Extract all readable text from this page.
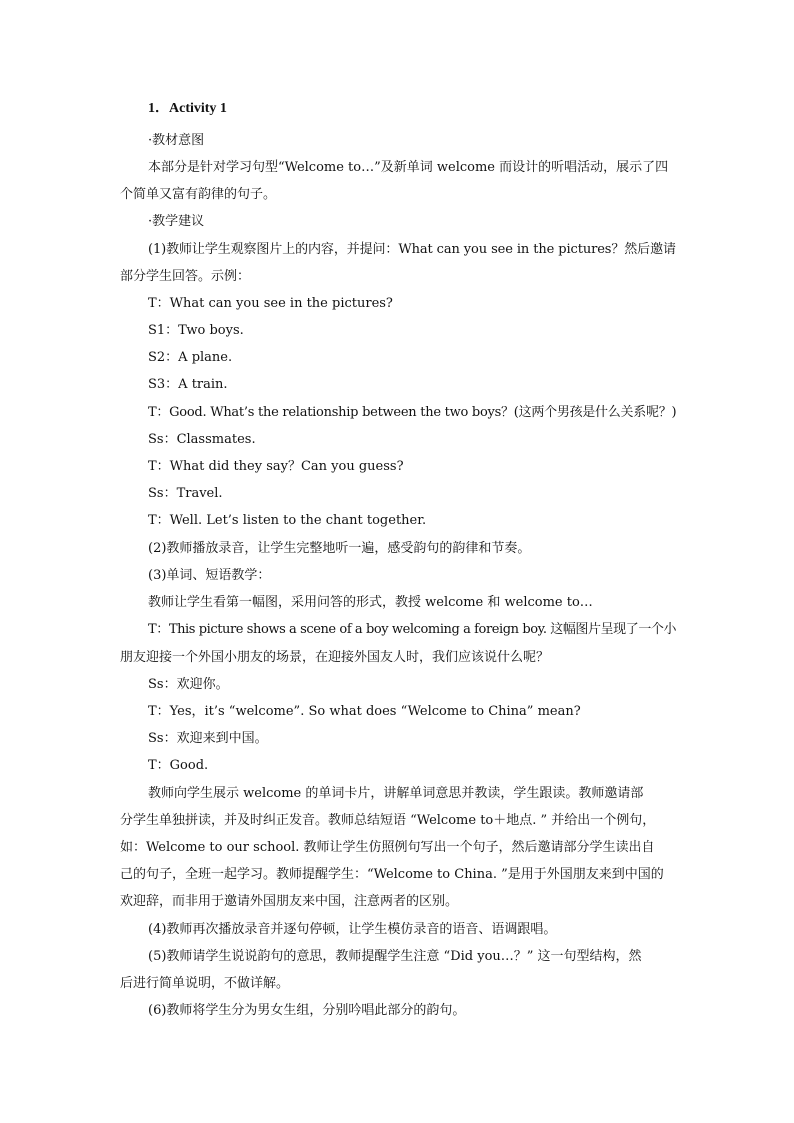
1．Activity 1
·教材意图
本部分是针对学习句型“Welcome to…”及新单词 welcome 而设计的听唱活动，展示了四
个简单又富有韵律的句子。
·教学建议
(1)教师让学生观察图片上的内容，并提问：What can you see in the pictures？然后邀请
部分学生回答。示例：
T：What can you see in the pictures?
S1：Two boys.
S2：A plane.
S3：A train.
T：Good. What’s the relationship between the two boys？(这两个男孩是什么关系呢？)
Ss：Classmates.
T：What did they say？Can you guess?
Ss：Travel.
T：Well. Let’s listen to the chant together.
(2)教师播放录音，让学生完整地听一遍，感受韵句的韵律和节奏。
(3)单词、短语教学：
教师让学生看第一幅图，采用问答的形式，教授 welcome 和 welcome to…
T：This picture shows a scene of a boy welcoming a foreign boy. 这幅图片呈现了一个小
朋友迎接一个外国小朋友的场景，在迎接外国友人时，我们应该说什么呢？
Ss：欢迎你。
T：Yes，it’s “welcome”. So what does “Welcome to China” mean?
Ss：欢迎来到中国。
T：Good.
教师向学生展示 welcome 的单词卡片，讲解单词意思并教读，学生跟读。教师邀请部
分学生单独拼读，并及时纠正发音。教师总结短语 “Welcome to＋地点. ” 并给出一个例句，
如：Welcome to our school. 教师让学生仿照例句写出一个句子，然后邀请部分学生读出自
己的句子，全班一起学习。教师提醒学生：“Welcome to China. ”是用于外国朋友来到中国的
欢迎辞，而非用于邀请外国朋友来中国，注意两者的区别。
(4)教师再次播放录音并逐句停顿，让学生模仿录音的语音、语调跟唱。
(5)教师请学生说说韵句的意思，教师提醒学生注意 “Did you…？” 这一句型结构，然
后进行简单说明，不做详解。
(6)教师将学生分为男女生组，分别吟唱此部分的韵句。
